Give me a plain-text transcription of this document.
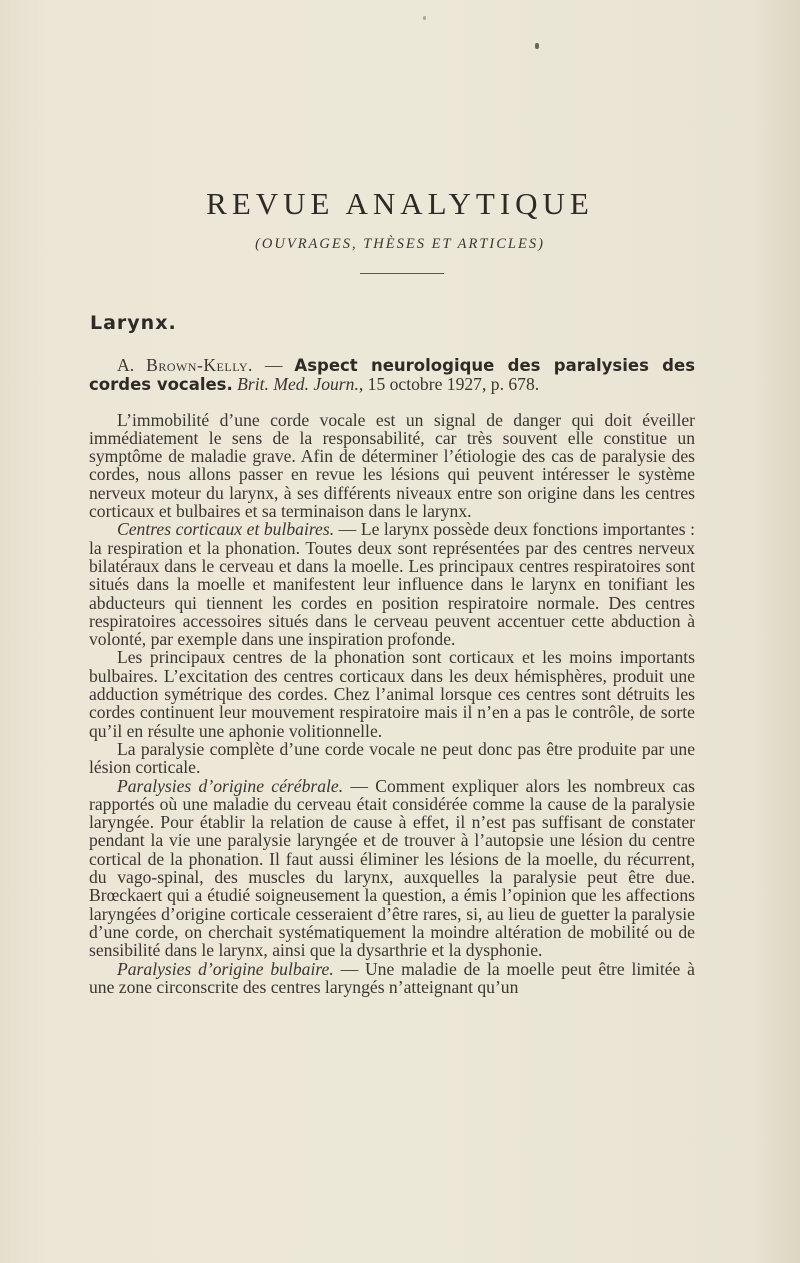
REVUE ANALYTIQUE
(OUVRAGES, THÈSES ET ARTICLES)
Larynx.

A. Brown-Kelly. — Aspect neurologique des paralysies des cordes vocales. Brit. Med. Journ., 15 octobre 1927, p. 678.

L’immobilité d’une corde vocale est un signal de danger qui doit éveiller immédiatement le sens de la responsabilité, car très souvent elle constitue un symptôme de maladie grave. Afin de déterminer l’étiologie des cas de paralysie des cordes, nous allons passer en revue les lésions qui peuvent intéresser le système nerveux moteur du larynx, à ses différents niveaux entre son origine dans les centres corticaux et bulbaires et sa terminaison dans le larynx.

Centres corticaux et bulbaires. — Le larynx possède deux fonctions importantes : la respiration et la phonation. Toutes deux sont représentées par des centres nerveux bilatéraux dans le cerveau et dans la moelle. Les principaux centres respiratoires sont situés dans la moelle et manifestent leur influence dans le larynx en tonifiant les abducteurs qui tiennent les cordes en position respiratoire normale. Des centres respiratoires accessoires situés dans le cerveau peuvent accentuer cette abduction à volonté, par exemple dans une inspiration profonde.

Les principaux centres de la phonation sont corticaux et les moins importants bulbaires. L’excitation des centres corticaux dans les deux hémisphères, produit une adduction symétrique des cordes. Chez l’animal lorsque ces centres sont détruits les cordes continuent leur mouvement respiratoire mais il n’en a pas le contrôle, de sorte qu’il en résulte une aphonie volitionnelle.

La paralysie complète d’une corde vocale ne peut donc pas être produite par une lésion corticale.

Paralysies d’origine cérébrale. — Comment expliquer alors les nombreux cas rapportés où une maladie du cerveau était considérée comme la cause de la paralysie laryngée. Pour établir la relation de cause à effet, il n’est pas suffisant de constater pendant la vie une paralysie laryngée et de trouver à l’autopsie une lésion du centre cortical de la phonation. Il faut aussi éliminer les lésions de la moelle, du récurrent, du vago-spinal, des muscles du larynx, auxquelles la paralysie peut être due. Brœckaert qui a étudié soigneusement la question, a émis l’opinion que les affections laryngées d’origine corticale cesseraient d’être rares, si, au lieu de guetter la paralysie d’une corde, on cherchait systématiquement la moindre altération de mobilité ou de sensibilité dans le larynx, ainsi que la dysarthrie et la dysphonie.

Paralysies d’origine bulbaire. — Une maladie de la moelle peut être limitée à une zone circonscrite des centres laryngés n’atteignant qu’un
